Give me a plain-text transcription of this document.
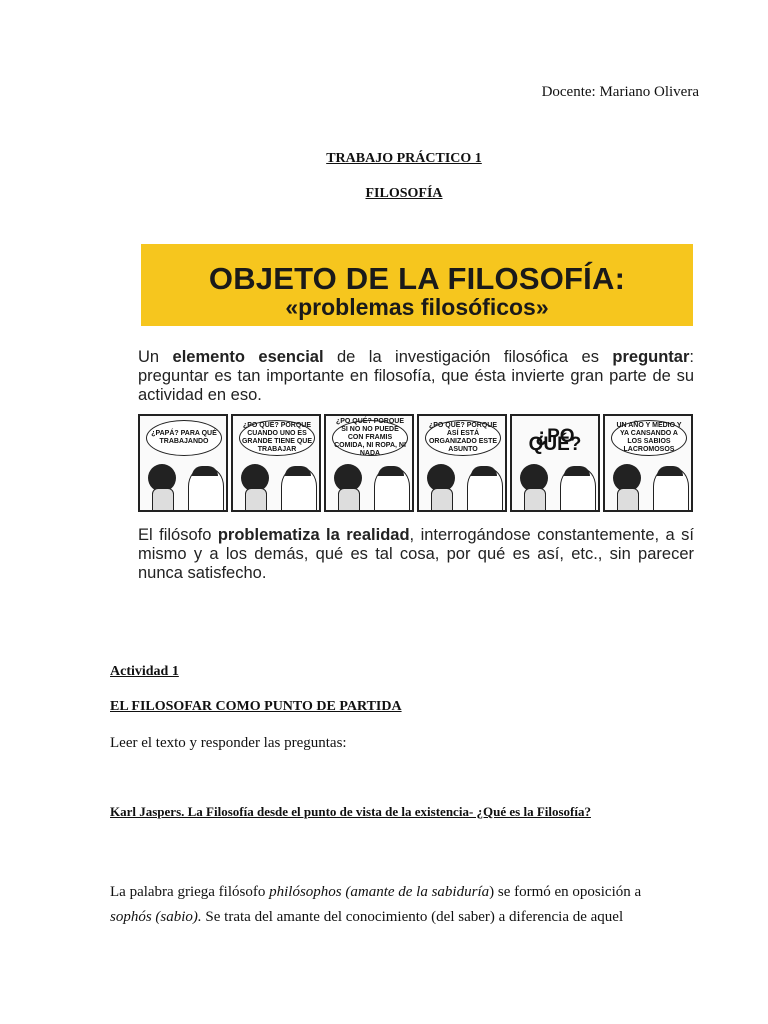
Docente: Mariano Olivera
TRABAJO PRÁCTICO 1
FILOSOFÍA
OBJETO DE LA FILOSOFÍA:
«problemas filosóficos»
Un elemento esencial de la investigación filosófica es preguntar: preguntar es tan importante en filosofía, que ésta invierte gran parte de su actividad en eso.
¿PAPÁ? PARA QUÉ TRABAJANDO
¿PO QUÉ? PORQUE CUANDO UNO ES GRANDE TIENE QUE TRABAJAR
¿PO QUÉ? PORQUE SI NO NO PUEDE CON FRAMIS COMIDA, NI ROPA, NI NADA
¿PO QUÉ? PORQUE ASÍ ESTÁ ORGANIZADO ESTE ASUNTO
¿PO QUÉ?
UN AÑO Y MEDIO Y YA CANSANDO A LOS SABIOS LACROMOSOS
El filósofo problematiza la realidad, interrogándose constantemente, a sí mismo y a los demás, qué es tal cosa, por qué es así, etc., sin parecer nunca satisfecho.
Actividad 1
EL FILOSOFAR COMO PUNTO DE PARTIDA
Leer el texto y responder las preguntas:
Karl Jaspers. La Filosofía desde el punto de vista de la existencia- ¿Qué es la Filosofía?
La palabra griega filósofo philósophos (amante de la sabiduría) se formó en oposición a sophós (sabio). Se trata del amante del conocimiento (del saber) a diferencia de aquel
